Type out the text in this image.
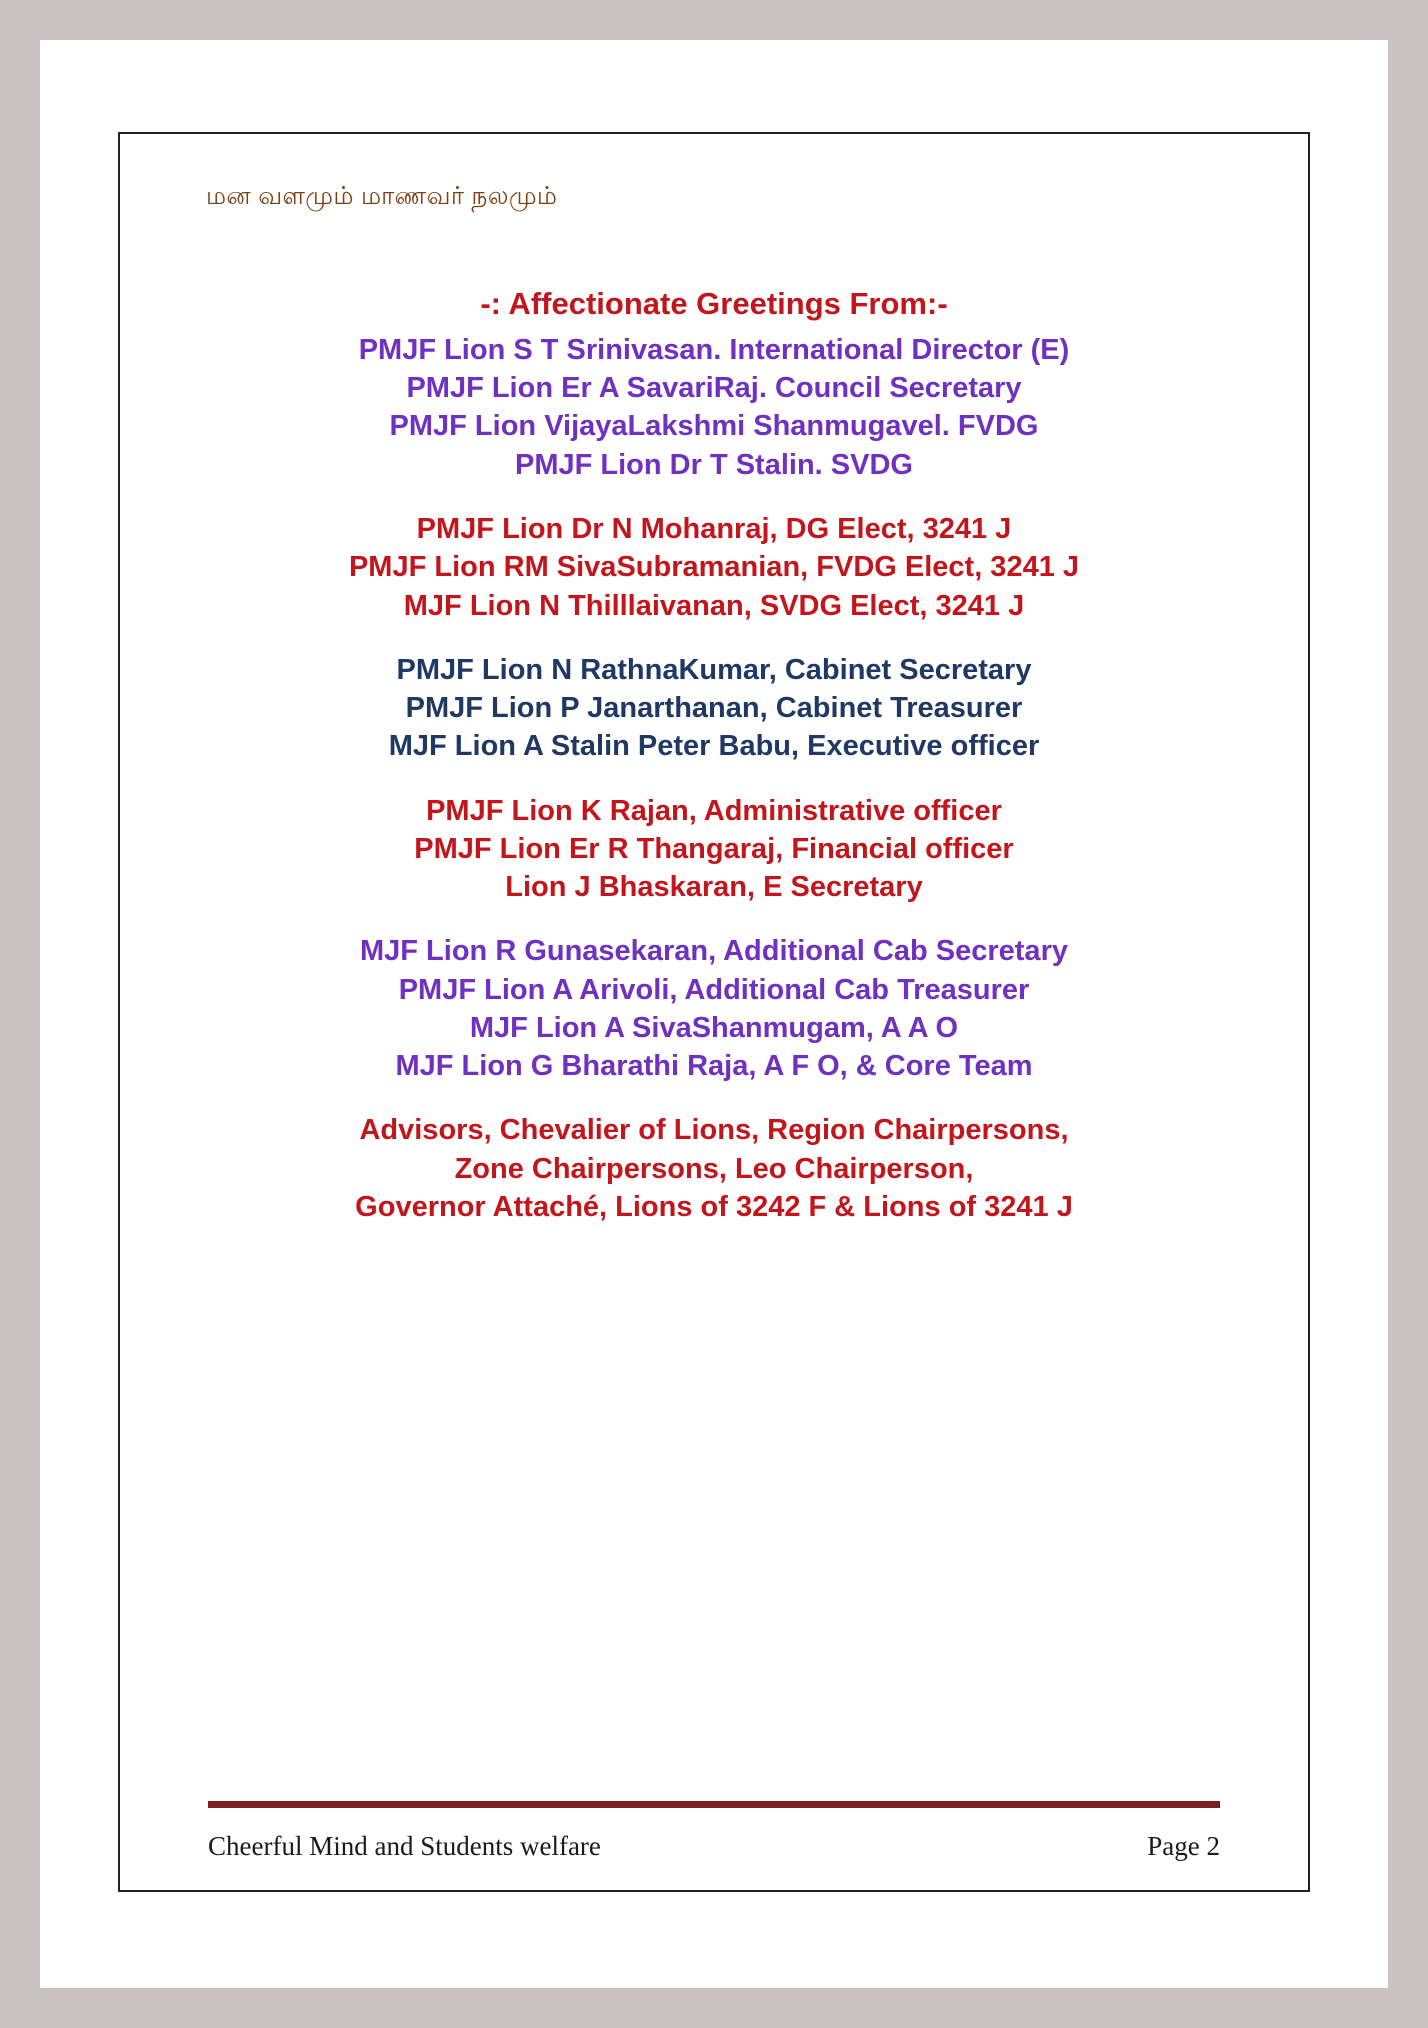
மன வளமும் மாணவர் நலமும்
-: Affectionate Greetings From:-
PMJF Lion S T Srinivasan. International Director (E)
PMJF Lion Er A SavariRaj. Council Secretary
PMJF Lion VijayaLakshmi Shanmugavel. FVDG
PMJF Lion Dr T Stalin. SVDG
PMJF Lion Dr N Mohanraj, DG Elect, 3241 J
PMJF Lion RM SivaSubramanian, FVDG Elect, 3241 J
MJF Lion N Thilllaivanan, SVDG Elect, 3241 J
PMJF Lion N RathnaKumar, Cabinet Secretary
PMJF Lion P Janarthanan, Cabinet Treasurer
MJF Lion A Stalin Peter Babu, Executive officer
PMJF Lion K Rajan, Administrative officer
PMJF Lion Er R Thangaraj, Financial officer
Lion J Bhaskaran, E Secretary
MJF Lion R Gunasekaran, Additional Cab Secretary
PMJF Lion A Arivoli, Additional Cab Treasurer
MJF Lion A SivaShanmugam, A A O
MJF Lion G Bharathi Raja, A F O, & Core Team
Advisors, Chevalier of Lions, Region Chairpersons,
Zone Chairpersons, Leo Chairperson,
Governor Attaché, Lions of 3242 F & Lions of 3241 J
Cheerful Mind and Students welfare	Page 2
